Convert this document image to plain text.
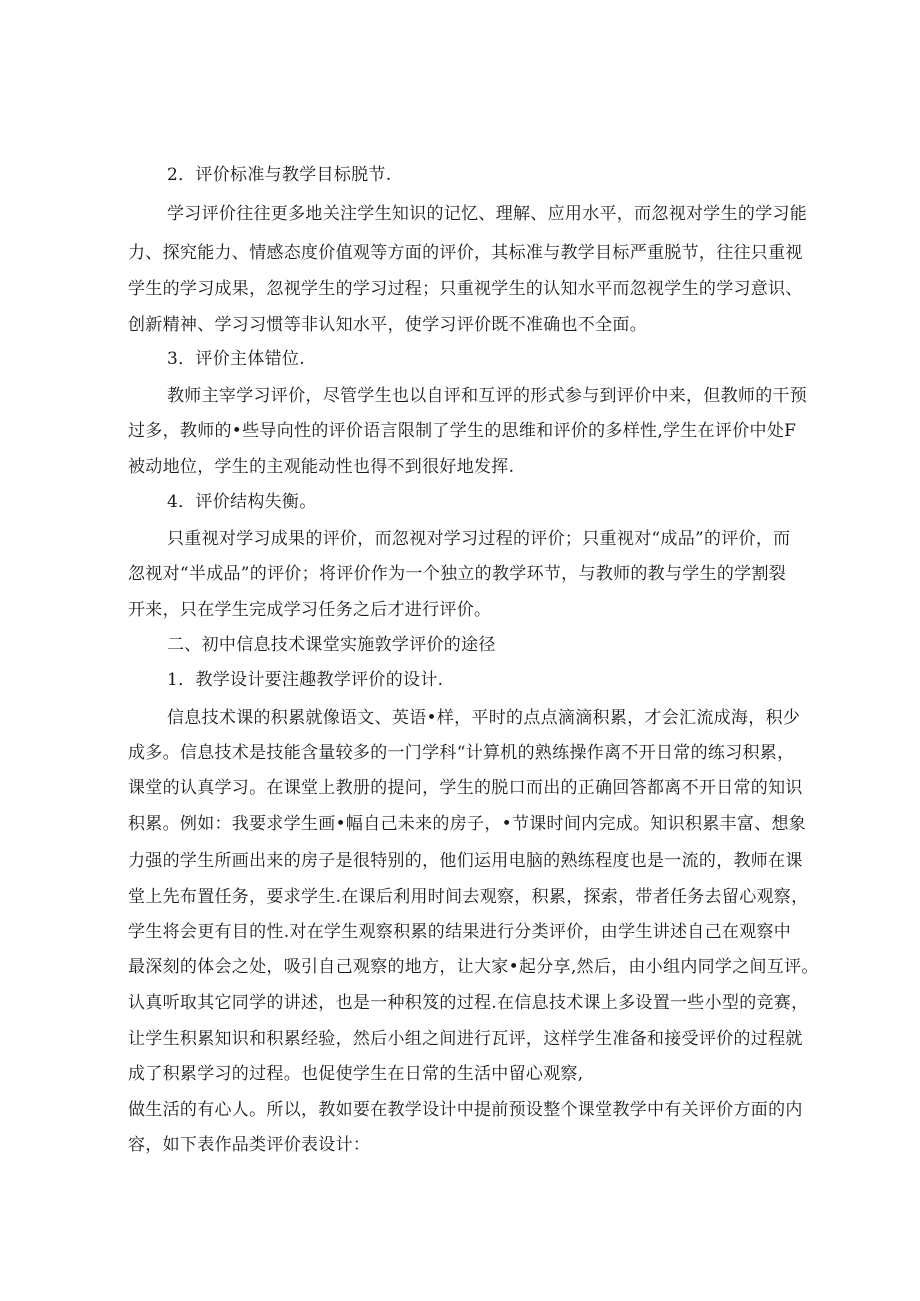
2．评价标准与教学目标脱节.
学习评价往往更多地关注学生知识的记忆、理解、应用水平，而忽视对学生的学习能
力、探究能力、情感态度价值观等方面的评价，其标准与教学目标严重脱节，往往只重视
学生的学习成果，忽视学生的学习过程；只重视学生的认知水平而忽视学生的学习意识、
创新精神、学习习惯等非认知水平，使学习评价既不准确也不全面。
3．评价主体错位.
教师主宰学习评价，尽管学生也以自评和互评的形式参与到评价中来，但教师的干预
过多，教师的•些导向性的评价语言限制了学生的思维和评价的多样性,学生在评价中处F
被动地位，学生的主观能动性也得不到很好地发挥.
4．评价结构失衡。
只重视对学习成果的评价，而忽视对学习过程的评价；只重视对“成品”的评价，而
忽视对“半成品”的评价；将评价作为一个独立的教学环节，与教师的教与学生的学割裂
开来，只在学生完成学习任务之后才进行评价。
二、初中信息技术课堂实施敦学评价的途径
1．教学设计要注趣教学评价的设计.
信息技术课的积累就像语文、英语•样，平时的点点滴滴积累，才会汇流成海，积少
成多。信息技术是技能含量较多的一门学科“计算机的熟练操作离不开日常的练习积累，
课堂的认真学习。在课堂上教册的提问，学生的脱口而出的正确回答都离不开日常的知识
积累。例如：我要求学生画•幅自己未来的房子，•节课时间内完成。知识积累丰富、想象
力强的学生所画出来的房子是很特别的，他们运用电脑的熟练程度也是一流的，教师在课
堂上先布置任务，要求学生.在课后利用时间去观察，积累，探索，带者任务去留心观察，
学生将会更有目的性.对在学生观察积累的结果进行分类评价，由学生讲述自己在观察中
最深刻的体会之处，吸引自己观察的地方，让大家•起分享,然后，由小组内同学之间互评。
认真听取其它同学的讲述，也是一种积笈的过程.在信息技术课上多设置一些小型的竞赛，
让学生积累知识和积累经验，然后小组之间进行瓦评，这样学生准备和接受评价的过程就
成了积累学习的过程。也促使学生在日常的生活中留心观察,
做生活的有心人。所以，教如要在教学设计中提前预设整个课堂教学中有关评价方面的内
容，如下表作品类评价表设计：
